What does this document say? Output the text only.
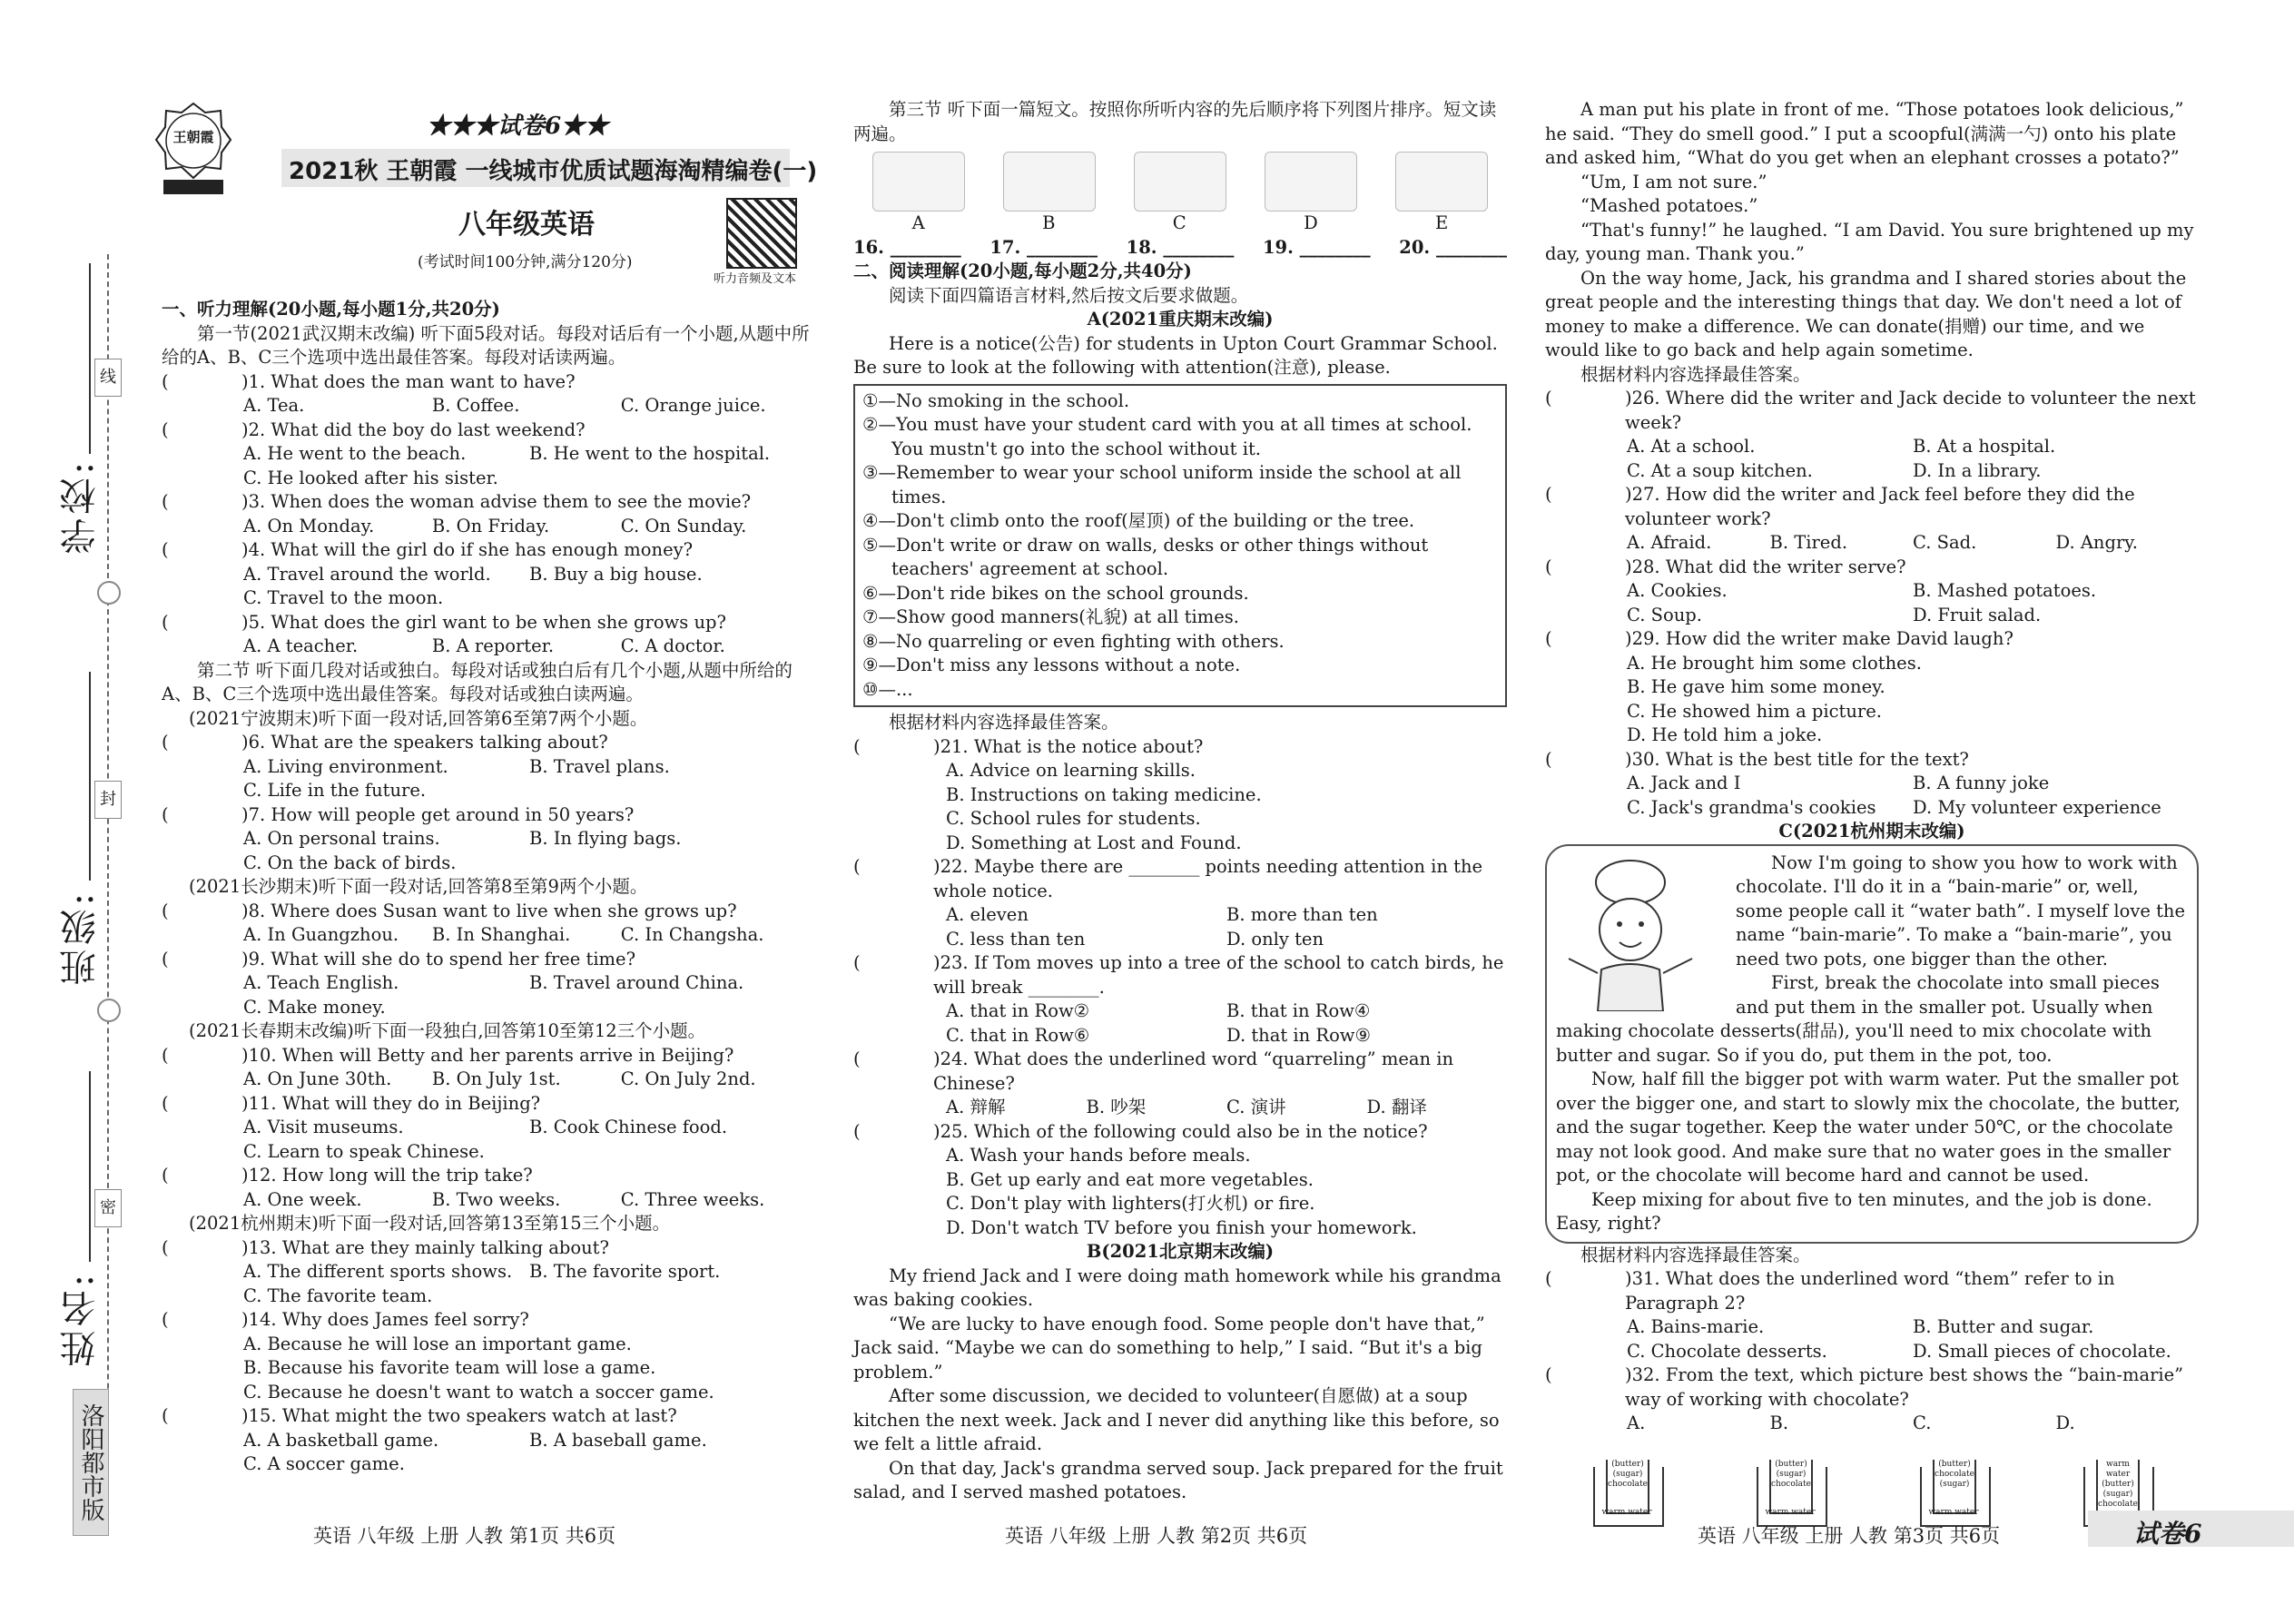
线
封
密
学校:
班级:
姓名:
洛阳都市版
王朝霞	★★★试卷6★★
2021秋 王朝霞 一线城市优质试题海淘精编卷(一)
八年级英语
(考试时间100分钟,满分120分)
听力音频及文本

一、听力理解(20小题,每小题1分,共20分)

第一节(2021武汉期末改编) 听下面5段对话。每段对话后有一个小题,从题中所给的A、B、C三个选项中选出最佳答案。每段对话读两遍。

(	)1. What does the man want to have?
A. Tea.	B. Coffee.	C. Orange juice.
(	)2. What did the boy do last weekend?
A. He went to the beach.	B. He went to the hospital.
C. He looked after his sister.
(	)3. When does the woman advise them to see the movie?
A. On Monday.	B. On Friday.	C. On Sunday.
(	)4. What will the girl do if she has enough money?
A. Travel around the world.	B. Buy a big house.
C. Travel to the moon.
(	)5. What does the girl want to be when she grows up?
A. A teacher.	B. A reporter.	C. A doctor.

第二节 听下面几段对话或独白。每段对话或独白后有几个小题,从题中所给的A、B、C三个选项中选出最佳答案。每段对话或独白读两遍。

(2021宁波期末)听下面一段对话,回答第6至第7两个小题。

(	)6. What are the speakers talking about?
A. Living environment.	B. Travel plans.
C. Life in the future.
(	)7. How will people get around in 50 years?
A. On personal trains.	B. In flying bags.
C. On the back of birds.

(2021长沙期末)听下面一段对话,回答第8至第9两个小题。

(	)8. Where does Susan want to live when she grows up?
A. In Guangzhou.	B. In Shanghai.	C. In Changsha.
(	)9. What will she do to spend her free time?
A. Teach English.	B. Travel around China.
C. Make money.

(2021长春期末改编)听下面一段独白,回答第10至第12三个小题。

(	)10. When will Betty and her parents arrive in Beijing?
A. On June 30th.	B. On July 1st.	C. On July 2nd.
(	)11. What will they do in Beijing?
A. Visit museums.	B. Cook Chinese food.
C. Learn to speak Chinese.
(	)12. How long will the trip take?
A. One week.	B. Two weeks.	C. Three weeks.

(2021杭州期末)听下面一段对话,回答第13至第15三个小题。

(	)13. What are they mainly talking about?
A. The different sports shows. B. The favorite sport.
C. The favorite team.
(	)14. Why does James feel sorry?
A. Because he will lose an important game.
B. Because his favorite team will lose a game.
C. Because he doesn't want to watch a soccer game.
(	)15. What might the two speakers watch at last?
A. A basketball game.	B. A baseball game.
C. A soccer game.

第三节 听下面一篇短文。按照你所听内容的先后顺序将下列图片排序。短文读两遍。

A	B	C	D	E
16. ________ 17. ________ 18. ________ 19. ________ 20. ________

二、阅读理解(20小题,每小题2分,共40分)

阅读下面四篇语言材料,然后按文后要求做题。

A(2021重庆期末改编)

Here is a notice(公告) for students in Upton Court Grammar School. Be sure to look at the following with attention(注意), please.

①—No smoking in the school.
②—You must have your student card with you at all times at school. You mustn't go into the school without it.
③—Remember to wear your school uniform inside the school at all times.
④—Don't climb onto the roof(屋顶) of the building or the tree.
⑤—Don't write or draw on walls, desks or other things without teachers' agreement at school.
⑥—Don't ride bikes on the school grounds.
⑦—Show good manners(礼貌) at all times.
⑧—No quarreling or even fighting with others.
⑨—Don't miss any lessons without a note.
⑩—...

根据材料内容选择最佳答案。

(	)21. What is the notice about?
A. Advice on learning skills.
B. Instructions on taking medicine.
C. School rules for students.
D. Something at Lost and Found.
(	)22. Maybe there are ________ points needing attention in the whole notice.
A. eleven	B. more than ten
C. less than ten	D. only ten
(	)23. If Tom moves up into a tree of the school to catch birds, he will break ________.
A. that in Row②	B. that in Row④
C. that in Row⑥	D. that in Row⑨
(	)24. What does the underlined word “quarreling” mean in Chinese?
A. 辩解	B. 吵架	C. 演讲	D. 翻译
(	)25. Which of the following could also be in the notice?
A. Wash your hands before meals.
B. Get up early and eat more vegetables.
C. Don't play with lighters(打火机) or fire.
D. Don't watch TV before you finish your homework.

B(2021北京期末改编)

My friend Jack and I were doing math homework while his grandma was baking cookies.

“We are lucky to have enough food. Some people don't have that,” Jack said. “Maybe we can do something to help,” I said. “But it's a big problem.”

After some discussion, we decided to volunteer(自愿做) at a soup kitchen the next week. Jack and I never did anything like this before, so we felt a little afraid.

On that day, Jack's grandma served soup. Jack prepared for the fruit salad, and I served mashed potatoes.

A man put his plate in front of me. “Those potatoes look delicious,” he said. “They do smell good.” I put a scoopful(满满一勺) onto his plate and asked him, “What do you get when an elephant crosses a potato?”

“Um, I am not sure.”

“Mashed potatoes.”

“That's funny!” he laughed. “I am David. You sure brightened up my day, young man. Thank you.”

On the way home, Jack, his grandma and I shared stories about the great people and the interesting things that day. We don't need a lot of money to make a difference. We can donate(捐赠) our time, and we would like to go back and help again sometime.

根据材料内容选择最佳答案。

(	)26. Where did the writer and Jack decide to volunteer the next week?
A. At a school.	B. At a hospital.
C. At a soup kitchen.	D. In a library.
(	)27. How did the writer and Jack feel before they did the volunteer work?
A. Afraid.	B. Tired.	C. Sad.	D. Angry.
(	)28. What did the writer serve?
A. Cookies.	B. Mashed potatoes.
C. Soup.	D. Fruit salad.
(	)29. How did the writer make David laugh?
A. He brought him some clothes.
B. He gave him some money.
C. He showed him a picture.
D. He told him a joke.
(	)30. What is the best title for the text?
A. Jack and I	B. A funny joke
C. Jack's grandma's cookies	D. My volunteer experience

C(2021杭州期末改编)

Now I'm going to show you how to work with chocolate. I'll do it in a “bain-marie” or, well, some people call it “water bath”. I myself love the name “bain-marie”. To make a “bain-marie”, you need two pots, one bigger than the other.

First, break the chocolate into small pieces and put them in the smaller pot. Usually when making chocolate desserts(甜品), you'll need to mix chocolate with butter and sugar. So if you do, put them in the pot, too.

Now, half fill the bigger pot with warm water. Put the smaller pot over the bigger one, and start to slowly mix the chocolate, the butter, and the sugar together. Keep the water under 50℃, or the chocolate may not look good. And make sure that no water goes in the smaller pot, or the chocolate will become hard and cannot be used.

Keep mixing for about five to ten minutes, and the job is done. Easy, right?

根据材料内容选择最佳答案。

(	)31. What does the underlined word “them” refer to in Paragraph 2?
A. Bains-marie.	B. Butter and sugar.
C. Chocolate desserts.	D. Small pieces of chocolate.
(	)32. From the text, which picture best shows the “bain-marie” way of working with chocolate?
A.	B.	C.	D.
(butter)
(sugar)
chocolate
warm water
(butter)
(sugar)
chocolate
warm water
(butter)
chocolate
(sugar)
warm water
warm water
(butter)
(sugar)
chocolate
英语 八年级 上册 人教 第1页 共6页	英语 八年级 上册 人教 第2页 共6页	英语 八年级 上册 人教 第3页 共6页	试卷6
